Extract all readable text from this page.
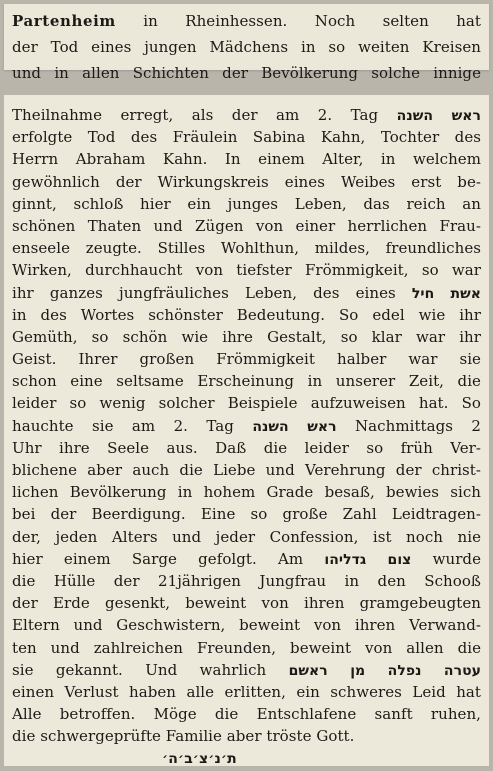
Partenheim in Rheinhessen. Noch selten hat
der Tod eines jungen Mädchens in so weiten Kreisen
und in allen Schichten der Bevölkerung solche innige
Theilnahme erregt, als der am 2. Tag ראש השנה
erfolgte Tod des Fräulein Sabina Kahn, Tochter des
Herrn Abraham Kahn. In einem Alter, in welchem
gewöhnlich der Wirkungskreis eines Weibes erst be-
ginnt, schloß hier ein junges Leben, das reich an
schönen Thaten und Zügen von einer herrlichen Frau-
enseele zeugte. Stilles Wohlthun, mildes, freundliches
Wirken, durchhaucht von tiefster Frömmigkeit, so war
ihr ganzes jungfräuliches Leben, des eines אשת חיל
in des Wortes schönster Bedeutung. So edel wie ihr
Gemüth, so schön wie ihre Gestalt, so klar war ihr
Geist. Ihrer großen Frömmigkeit halber war sie
schon eine seltsame Erscheinung in unserer Zeit, die
leider so wenig solcher Beispiele aufzuweisen hat. So
hauchte sie am 2. Tag ראש השנה Nachmittags 2
Uhr ihre Seele aus. Daß die leider so früh Ver-
blichene aber auch die Liebe und Verehrung der christ-
lichen Bevölkerung in hohem Grade besaß, bewies sich
bei der Beerdigung. Eine so große Zahl Leidtragen-
der, jeden Alters und jeder Confession, ist noch nie
hier einem Sarge gefolgt. Am צום גדליהו wurde
die Hülle der 21jährigen Jungfrau in den Schooß
der Erde gesenkt, beweint von ihren gramgebeugten
Eltern und Geschwistern, beweint von ihren Verwand-
ten und zahlreichen Freunden, beweint von allen die
sie gekannt. Und wahrlich עטרה נפלה מן ראשם
einen Verlust haben alle erlitten, ein schweres Leid hat
Alle betroffen. Möge die Entschlafene sanft ruhen,
die schwergeprüfte Familie aber tröste Gott.
ת׳נ׳צ׳ב׳ה׳
